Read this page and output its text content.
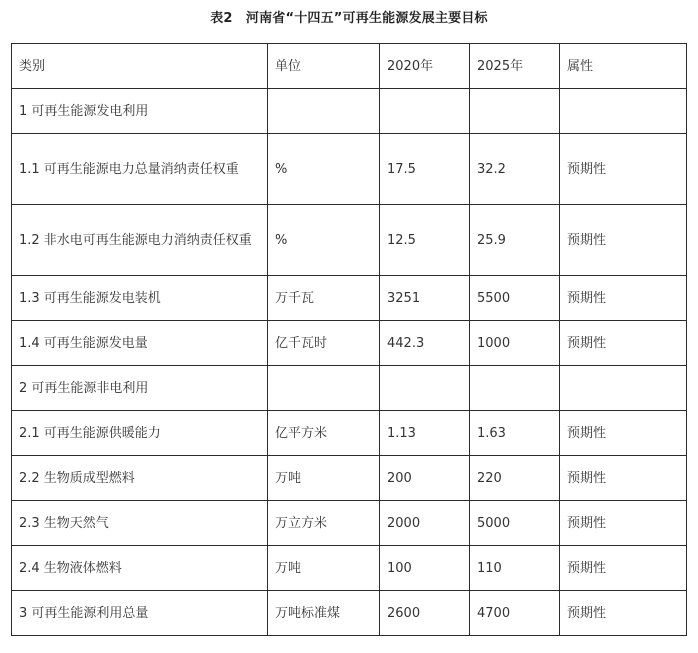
表2　河南省“十四五”可再生能源发展主要目标
类别	单位	2020年	2025年	属性
1 可再生能源发电利用				
1.1 可再生能源电力总量消纳责任权重	%	17.5	32.2	预期性
1.2 非水电可再生能源电力消纳责任权重	%	12.5	25.9	预期性
1.3 可再生能源发电装机	万千瓦	3251	5500	预期性
1.4 可再生能源发电量	亿千瓦时	442.3	1000	预期性
2 可再生能源非电利用				
2.1 可再生能源供暖能力	亿平方米	1.13	1.63	预期性
2.2 生物质成型燃料	万吨	200	220	预期性
2.3 生物天然气	万立方米	2000	5000	预期性
2.4 生物液体燃料	万吨	100	110	预期性
3 可再生能源利用总量	万吨标准煤	2600	4700	预期性
